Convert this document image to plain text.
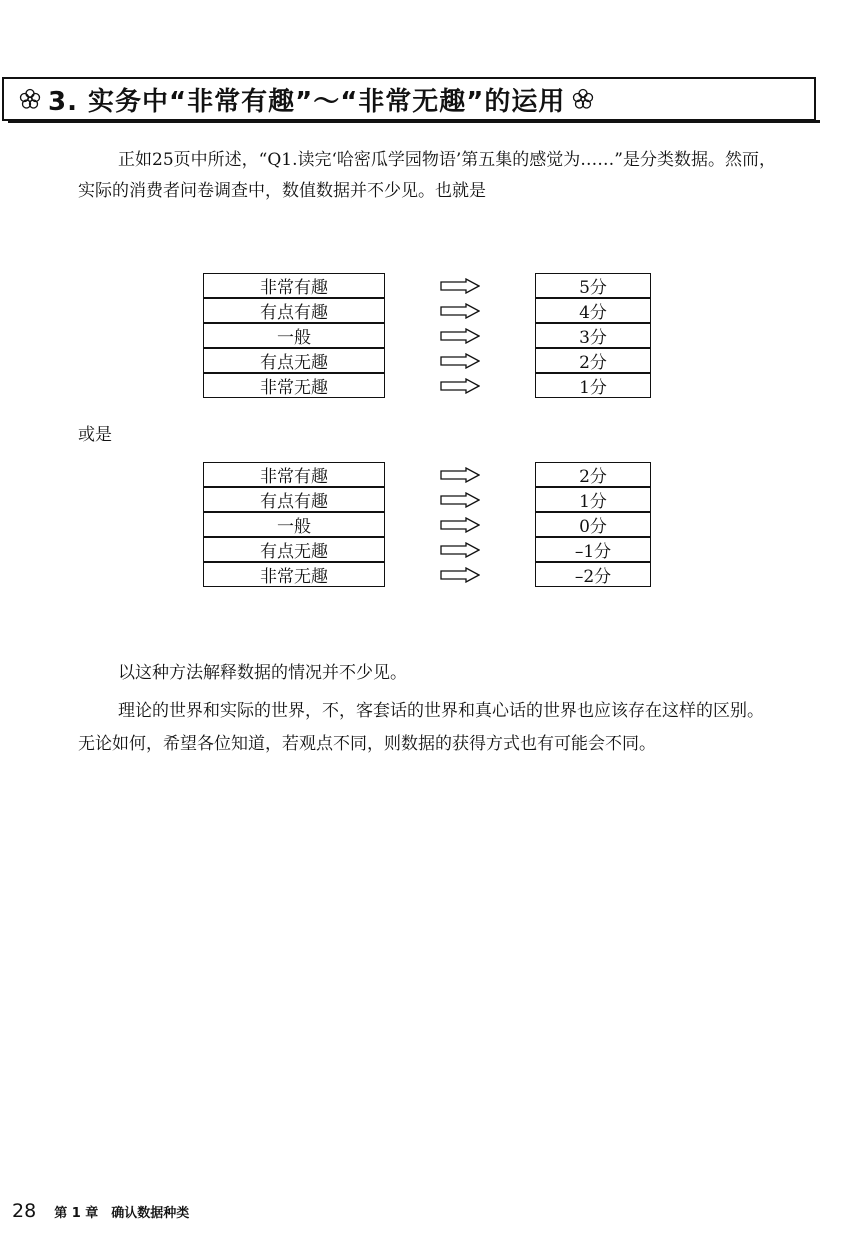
3. 实务中“非常有趣”～“非常无趣”的运用

正如25页中所述，“Q1.读完‘哈密瓜学园物语’第五集的感觉为……”是分类数据。然而，实际的消费者问卷调查中，数值数据并不少见。也就是

非常有趣	5分
有点有趣	4分
一般	3分
有点无趣	2分
非常无趣	1分

或是

非常有趣	2分
有点有趣	1分
一般	0分
有点无趣	–1分
非常无趣	–2分

以这种方法解释数据的情况并不少见。

理论的世界和实际的世界，不，客套话的世界和真心话的世界也应该存在这样的区别。无论如何，希望各位知道，若观点不同，则数据的获得方式也有可能会不同。

28 第 1 章　确认数据种类
